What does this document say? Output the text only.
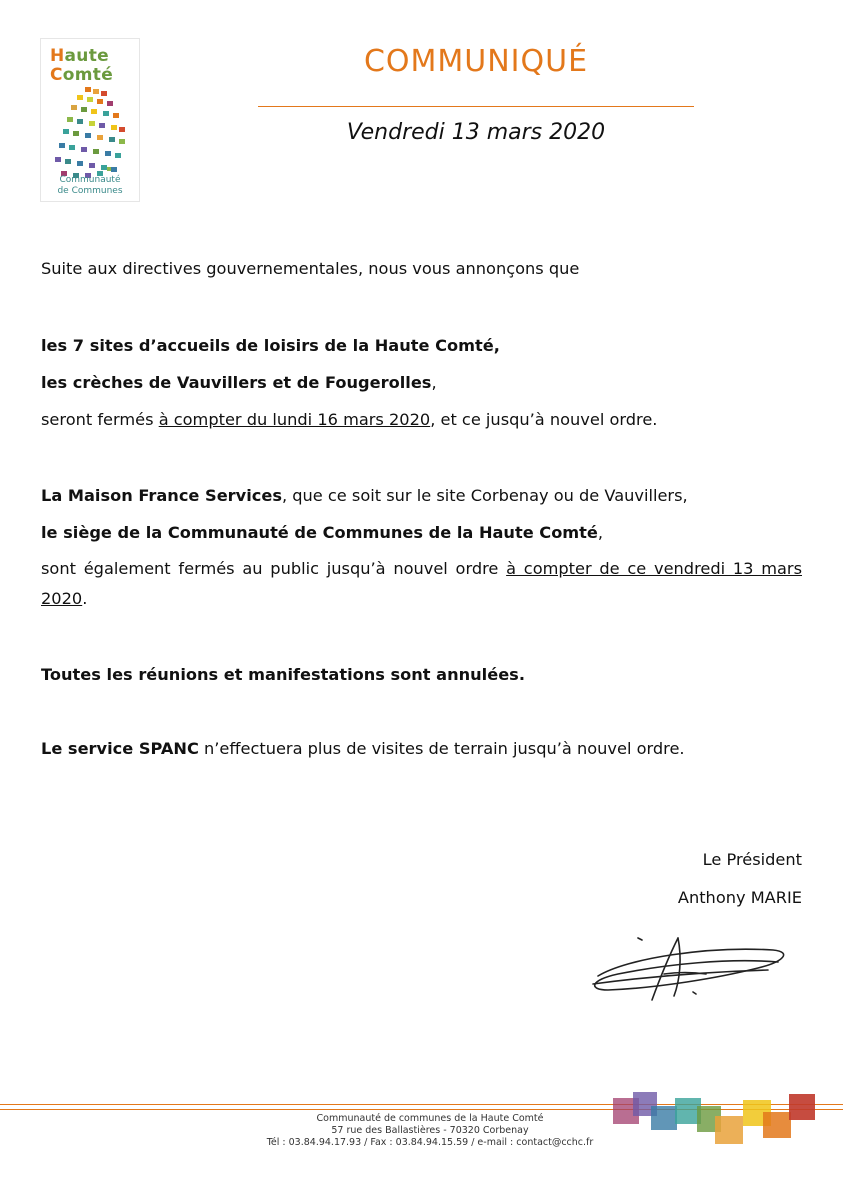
Haute
Comté
Communauté
de Communes
COMMUNIQUÉ
Vendredi 13 mars 2020
Suite aux directives gouvernementales, nous vous annonçons que
les 7 sites d’accueils de loisirs de la Haute Comté,
les crèches de Vauvillers et de Fougerolles,
seront fermés à compter du lundi 16 mars 2020, et ce jusqu’à nouvel ordre.
La Maison France Services, que ce soit sur le site Corbenay ou de Vauvillers,
le siège de la Communauté de Communes de la Haute Comté,
sont également fermés au public jusqu’à nouvel ordre à compter de ce vendredi 13 mars 2020.
Toutes les réunions et manifestations sont annulées.
Le service SPANC n’effectuera plus de visites de terrain jusqu’à nouvel ordre.
Le Président
Anthony MARIE
Communauté de communes de la Haute Comté
57 rue des Ballastières - 70320 Corbenay
Tél : 03.84.94.17.93 / Fax : 03.84.94.15.59 / e-mail : contact@cchc.fr
